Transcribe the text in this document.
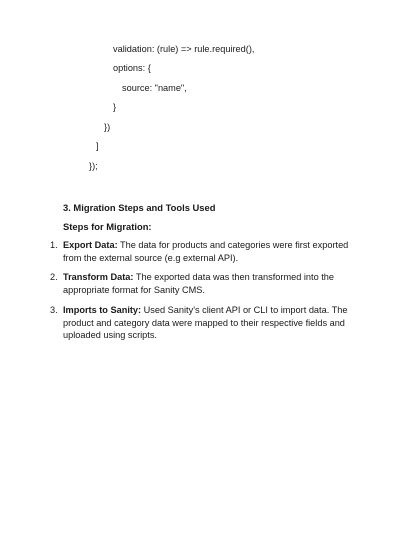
validation: (rule) => rule.required(),
options: {
source: "name",
}
})
]
});
3. Migration Steps and Tools Used
Steps for Migration:
1. Export Data: The data for products and categories were first exported from the external source (e.g external API).
2. Transform Data: The exported data was then transformed into the appropriate format for Sanity CMS.
3. Imports to Sanity: Used Sanity's client API or CLI to import data. The product and category data were mapped to their respective fields and uploaded using scripts.
